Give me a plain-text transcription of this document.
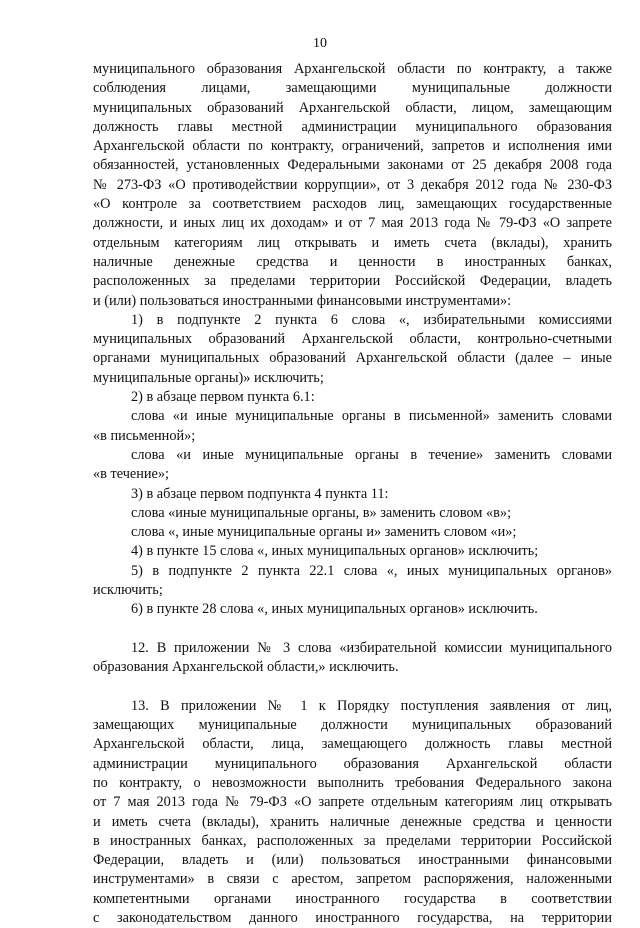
10
муниципального образования Архангельской области по контракту, а также
соблюдения лицами, замещающими муниципальные должности
муниципальных образований Архангельской области, лицом, замещающим
должность главы местной администрации муниципального образования
Архангельской области по контракту, ограничений, запретов и исполнения ими
обязанностей, установленных Федеральными законами от 25 декабря 2008 года
№ 273-ФЗ «О противодействии коррупции», от 3 декабря 2012 года № 230-ФЗ
«О контроле за соответствием расходов лиц, замещающих государственные
должности, и иных лиц их доходам» и от 7 мая 2013 года № 79-ФЗ «О запрете
отдельным категориям лиц открывать и иметь счета (вклады), хранить
наличные денежные средства и ценности в иностранных банках,
расположенных за пределами территории Российской Федерации, владеть
и (или) пользоваться иностранными финансовыми инструментами»:
1) в подпункте 2 пункта 6 слова «, избирательными комиссиями
муниципальных образований Архангельской области, контрольно-счетными
органами муниципальных образований Архангельской области (далее – иные
муниципальные органы)» исключить;
2) в абзаце первом пункта 6.1:
слова «и иные муниципальные органы в письменной» заменить словами
«в письменной»;
слова «и иные муниципальные органы в течение» заменить словами
«в течение»;
3) в абзаце первом подпункта 4 пункта 11:
слова «иные муниципальные органы, в» заменить словом «в»;
слова «, иные муниципальные органы и» заменить словом «и»;
4) в пункте 15 слова «, иных муниципальных органов» исключить;
5) в подпункте 2 пункта 22.1 слова «, иных муниципальных органов»
исключить;
6) в пункте 28 слова «, иных муниципальных органов» исключить.
12. В приложении № 3 слова «избирательной комиссии муниципального
образования Архангельской области,» исключить.
13. В приложении № 1 к Порядку поступления заявления от лиц,
замещающих муниципальные должности муниципальных образований
Архангельской области, лица, замещающего должность главы местной
администрации муниципального образования Архангельской области
по контракту, о невозможности выполнить требования Федерального закона
от 7 мая 2013 года № 79-ФЗ «О запрете отдельным категориям лиц открывать
и иметь счета (вклады), хранить наличные денежные средства и ценности
в иностранных банках, расположенных за пределами территории Российской
Федерации, владеть и (или) пользоваться иностранными финансовыми
инструментами» в связи с арестом, запретом распоряжения, наложенными
компетентными органами иностранного государства в соответствии
с законодательством данного иностранного государства, на территории
